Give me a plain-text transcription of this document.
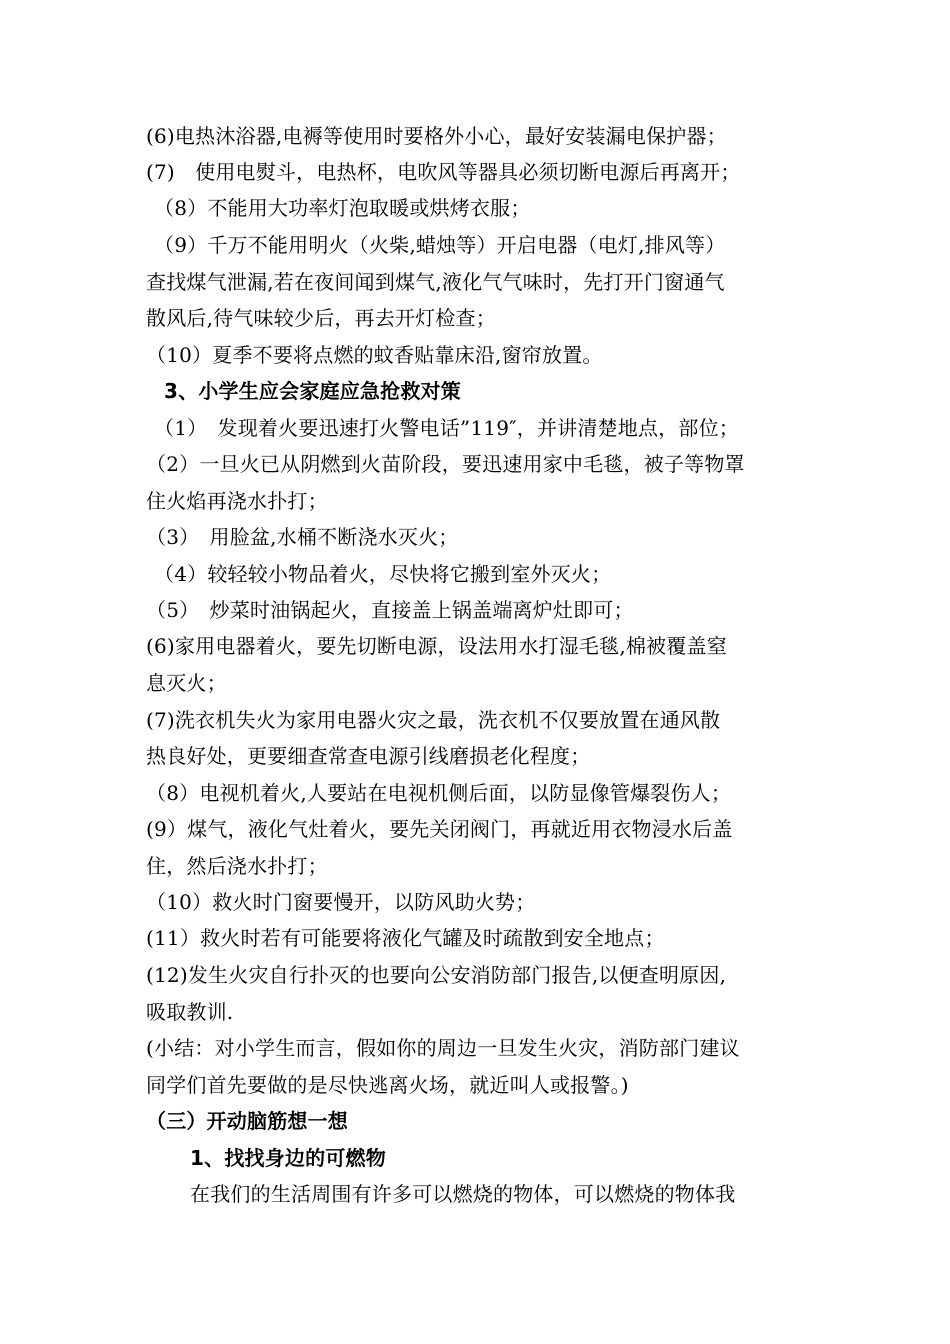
(6)电热沐浴器,电褥等使用时要格外小心，最好安装漏电保护器；
(7)　使用电熨斗，电热杯，电吹风等器具必须切断电源后再离开；
（8）不能用大功率灯泡取暖或烘烤衣服；
（9）千万不能用明火（火柴,蜡烛等）开启电器（电灯,排风等）
查找煤气泄漏,若在夜间闻到煤气,液化气气味时，先打开门窗通气
散风后,待气味较少后，再去开灯检查；
（10）夏季不要将点燃的蚊香贴靠床沿,窗帘放置。
3、小学生应会家庭应急抢救对策
（1）　发现着火要迅速打火警电话”119″，并讲清楚地点，部位；
（2）一旦火已从阴燃到火苗阶段，要迅速用家中毛毯，被子等物罩
住火焰再浇水扑打；
（3）　用脸盆,水桶不断浇水灭火；
（4）较轻较小物品着火，尽快将它搬到室外灭火；
（5）　炒菜时油锅起火，直接盖上锅盖端离炉灶即可；
(6)家用电器着火，要先切断电源，设法用水打湿毛毯,棉被覆盖窒
息灭火；
(7)洗衣机失火为家用电器火灾之最，洗衣机不仅要放置在通风散
热良好处，更要细查常查电源引线磨损老化程度；
（8）电视机着火,人要站在电视机侧后面，以防显像管爆裂伤人；
(9）煤气，液化气灶着火，要先关闭阀门，再就近用衣物浸水后盖
住，然后浇水扑打；
（10）救火时门窗要慢开，以防风助火势；
(11）救火时若有可能要将液化气罐及时疏散到安全地点；
(12)发生火灾自行扑灭的也要向公安消防部门报告,以便查明原因,
吸取教训.
(小结：对小学生而言，假如你的周边一旦发生火灾，消防部门建议
同学们首先要做的是尽快逃离火场，就近叫人或报警。)
（三）开动脑筋想一想
1、找找身边的可燃物
在我们的生活周围有许多可以燃烧的物体，可以燃烧的物体我
